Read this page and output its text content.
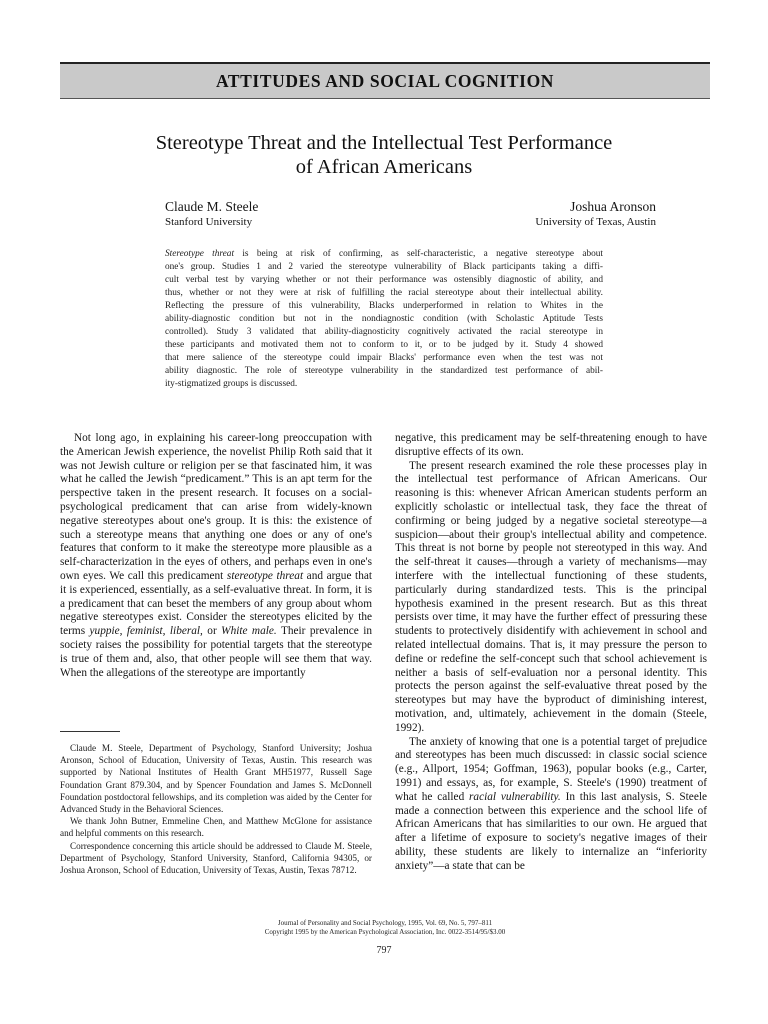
ATTITUDES AND SOCIAL COGNITION
Stereotype Threat and the Intellectual Test Performance
of African Americans
Claude M. Steele
Stanford University
Joshua Aronson
University of Texas, Austin
Stereotype threat is being at risk of confirming, as self-characteristic, a negative stereotype about
one's group. Studies 1 and 2 varied the stereotype vulnerability of Black participants taking a diffi-
cult verbal test by varying whether or not their performance was ostensibly diagnostic of ability, and
thus, whether or not they were at risk of fulfilling the racial stereotype about their intellectual ability.
Reflecting the pressure of this vulnerability, Blacks underperformed in relation to Whites in the
ability-diagnostic condition but not in the nondiagnostic condition (with Scholastic Aptitude Tests
controlled). Study 3 validated that ability-diagnosticity cognitively activated the racial stereotype in
these participants and motivated them not to conform to it, or to be judged by it. Study 4 showed
that mere salience of the stereotype could impair Blacks' performance even when the test was not
ability diagnostic. The role of stereotype vulnerability in the standardized test performance of abil-
ity-stigmatized groups is discussed.

Not long ago, in explaining his career-long preoccupation with the American Jewish experience, the novelist Philip Roth said that it was not Jewish culture or religion per se that fascinated him, it was what he called the Jewish “predicament.” This is an apt term for the perspective taken in the present research. It focuses on a social-psychological predicament that can arise from widely-known negative stereotypes about one's group. It is this: the existence of such a stereotype means that anything one does or any of one's features that conform to it make the stereotype more plausible as a self-characterization in the eyes of others, and perhaps even in one's own eyes. We call this predicament stereotype threat and argue that it is experienced, essentially, as a self-evaluative threat. In form, it is a predicament that can beset the members of any group about whom negative stereotypes exist. Consider the stereotypes elicited by the terms yuppie, feminist, liberal, or White male. Their prevalence in society raises the possibility for potential targets that the stereotype is true of them and, also, that other people will see them that way. When the allegations of the stereotype are importantly

Claude M. Steele, Department of Psychology, Stanford University; Joshua Aronson, School of Education, University of Texas, Austin. This research was supported by National Institutes of Health Grant MH51977, Russell Sage Foundation Grant 879.304, and by Spencer Foundation and James S. McDonnell Foundation postdoctoral fellowships, and its completion was aided by the Center for Advanced Study in the Behavioral Sciences.

We thank John Butner, Emmeline Chen, and Matthew McGlone for assistance and helpful comments on this research.

Correspondence concerning this article should be addressed to Claude M. Steele, Department of Psychology, Stanford University, Stanford, California 94305, or Joshua Aronson, School of Education, University of Texas, Austin, Texas 78712.

negative, this predicament may be self-threatening enough to have disruptive effects of its own.

The present research examined the role these processes play in the intellectual test performance of African Americans. Our reasoning is this: whenever African American students perform an explicitly scholastic or intellectual task, they face the threat of confirming or being judged by a negative societal stereotype—a suspicion—about their group's intellectual ability and competence. This threat is not borne by people not stereotyped in this way. And the self-threat it causes—through a variety of mechanisms—may interfere with the intellectual functioning of these students, particularly during standardized tests. This is the principal hypothesis examined in the present research. But as this threat persists over time, it may have the further effect of pressuring these students to protectively disidentify with achievement in school and related intellectual domains. That is, it may pressure the person to define or redefine the self-concept such that school achievement is neither a basis of self-evaluation nor a personal identity. This protects the person against the self-evaluative threat posed by the stereotypes but may have the byproduct of diminishing interest, motivation, and, ultimately, achievement in the domain (Steele, 1992).

The anxiety of knowing that one is a potential target of prejudice and stereotypes has been much discussed: in classic social science (e.g., Allport, 1954; Goffman, 1963), popular books (e.g., Carter, 1991) and essays, as, for example, S. Steele's (1990) treatment of what he called racial vulnerability. In this last analysis, S. Steele made a connection between this experience and the school life of African Americans that has similarities to our own. He argued that after a lifetime of exposure to society's negative images of their ability, these students are likely to internalize an “inferiority anxiety”—a state that can be

Journal of Personality and Social Psychology, 1995, Vol. 69, No. 5, 797–811
Copyright 1995 by the American Psychological Association, Inc. 0022-3514/95/$3.00
797
